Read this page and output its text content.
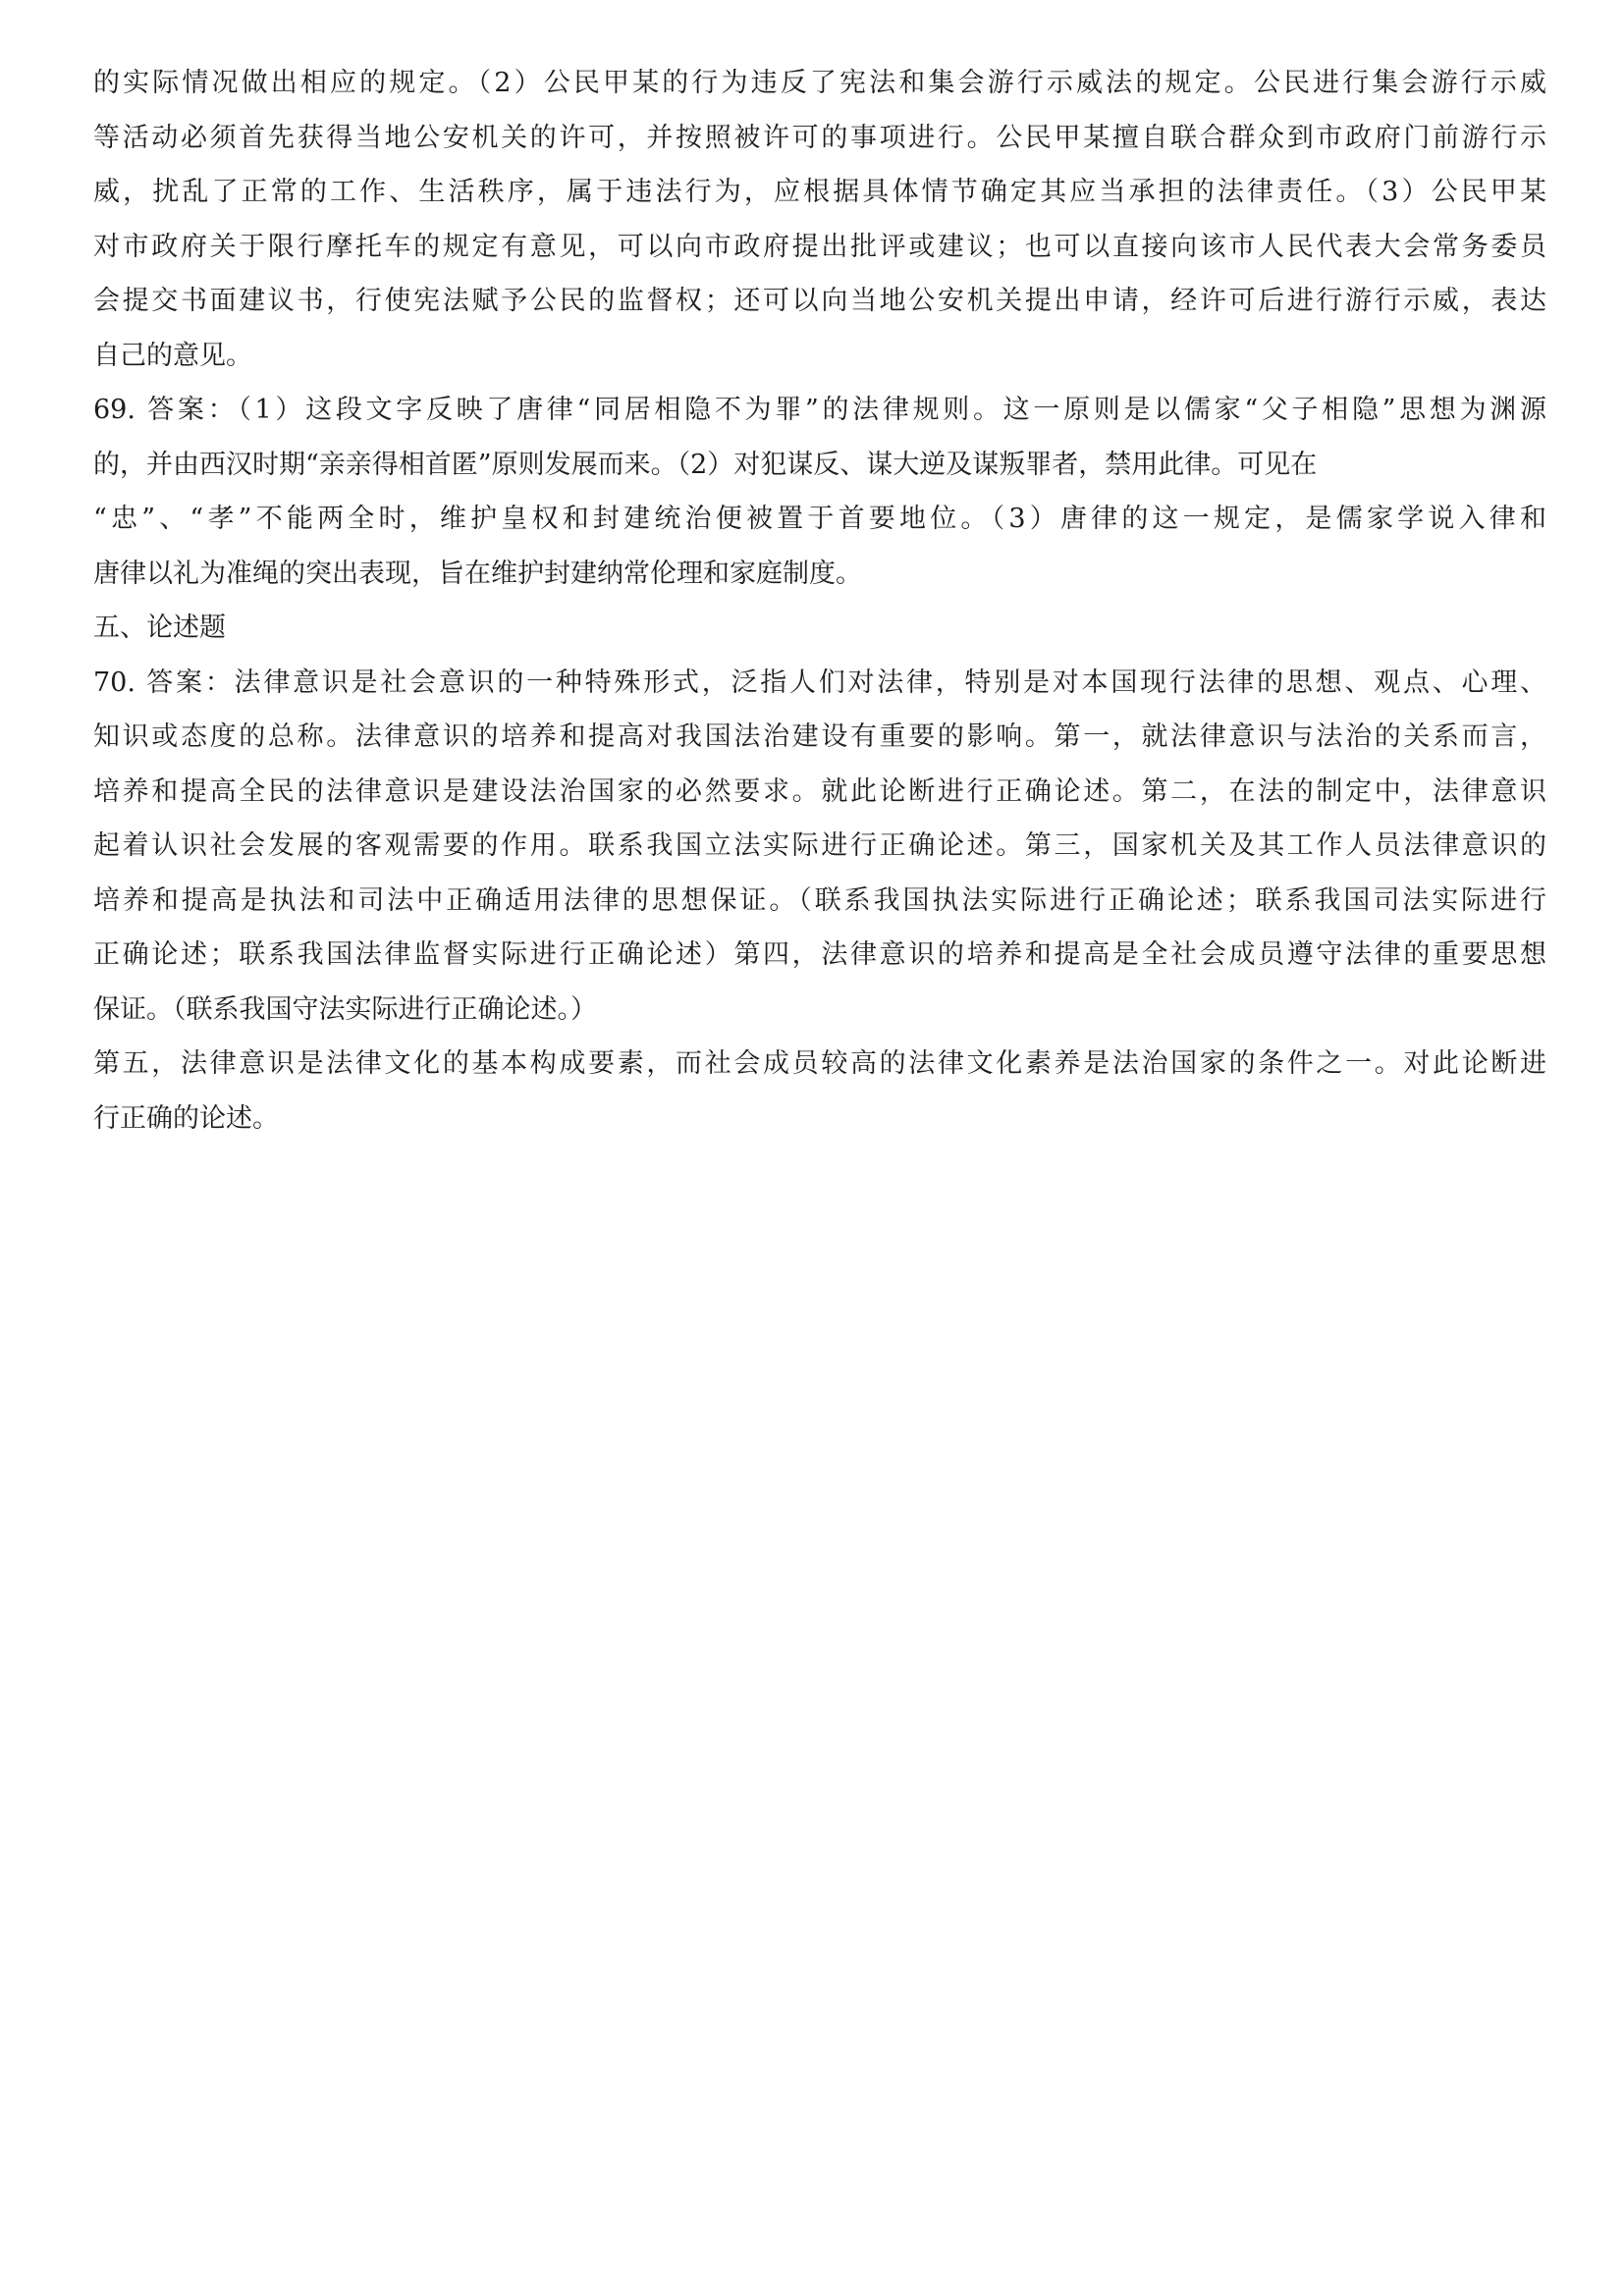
的实际情况做出相应的规定。（2）公民甲某的行为违反了宪法和集会游行示威法的规定。公民进行集会游行示威
等活动必须首先获得当地公安机关的许可，并按照被许可的事项进行。公民甲某擅自联合群众到市政府门前游行示
威，扰乱了正常的工作、生活秩序，属于违法行为，应根据具体情节确定其应当承担的法律责任。（3）公民甲某
对市政府关于限行摩托车的规定有意见，可以向市政府提出批评或建议；也可以直接向该市人民代表大会常务委员
会提交书面建议书，行使宪法赋予公民的监督权；还可以向当地公安机关提出申请，经许可后进行游行示威，表达
自己的意见。
69. 答案：（1）这段文字反映了唐律“同居相隐不为罪”的法律规则。这一原则是以儒家“父子相隐”思想为渊源
的，并由西汉时期“亲亲得相首匿”原则发展而来。（2）对犯谋反、谋大逆及谋叛罪者，禁用此律。可见在
“忠”、“孝”不能两全时，维护皇权和封建统治便被置于首要地位。（3）唐律的这一规定，是儒家学说入律和
唐律以礼为准绳的突出表现，旨在维护封建纳常伦理和家庭制度。
五、论述题
70. 答案：法律意识是社会意识的一种特殊形式，泛指人们对法律，特别是对本国现行法律的思想、观点、心理、
知识或态度的总称。法律意识的培养和提高对我国法治建设有重要的影响。第一，就法律意识与法治的关系而言，
培养和提高全民的法律意识是建设法治国家的必然要求。就此论断进行正确论述。第二，在法的制定中，法律意识
起着认识社会发展的客观需要的作用。联系我国立法实际进行正确论述。第三，国家机关及其工作人员法律意识的
培养和提高是执法和司法中正确适用法律的思想保证。（联系我国执法实际进行正确论述；联系我国司法实际进行
正确论述；联系我国法律监督实际进行正确论述）第四，法律意识的培养和提高是全社会成员遵守法律的重要思想
保证。（联系我国守法实际进行正确论述。）
第五，法律意识是法律文化的基本构成要素，而社会成员较高的法律文化素养是法治国家的条件之一。对此论断进
行正确的论述。
